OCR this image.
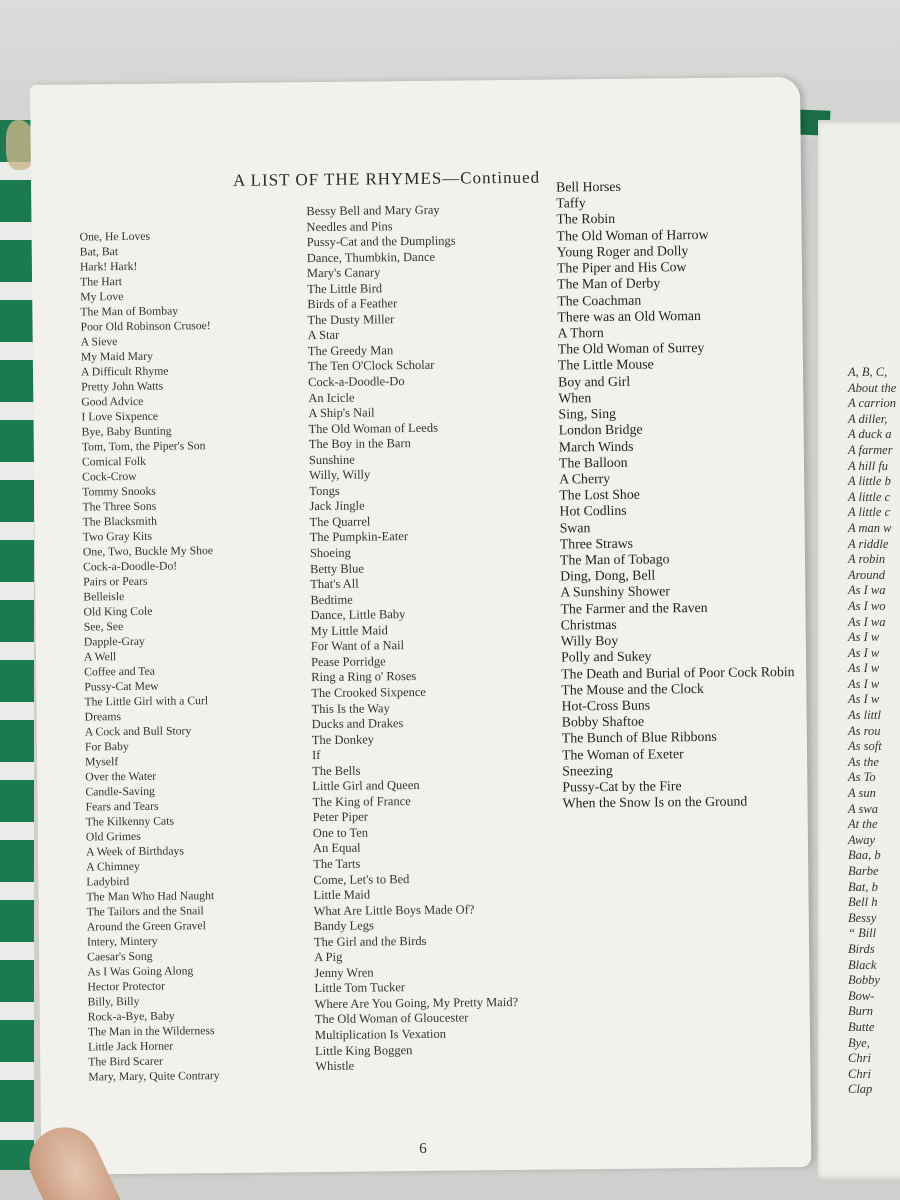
A, B, C,
About the
A carrion
A diller,
A duck a
A farmer
A hill fu
A little b
A little c
A little c
A man w
A riddle
A robin
Around
As I wa
As I wo
As I wa
As I w
As I w
As I w
As I w
As I w
As littl
As rou
As soft
As the
As To
A sun
A swa
At the
Away
Baa, b
Barbe
Bat, b
Bell h
Bessy
“ Bill
Birds
Black
Bobby
Bow-
Burn
Butte
Bye,
Chri
Chri
Clap
A LIST OF THE RHYMES—Continued
One, He Loves
Bat, Bat
Hark! Hark!
The Hart
My Love
The Man of Bombay
Poor Old Robinson Crusoe!
A Sieve
My Maid Mary
A Difficult Rhyme
Pretty John Watts
Good Advice
I Love Sixpence
Bye, Baby Bunting
Tom, Tom, the Piper's Son
Comical Folk
Cock-Crow
Tommy Snooks
The Three Sons
The Blacksmith
Two Gray Kits
One, Two, Buckle My Shoe
Cock-a-Doodle-Do!
Pairs or Pears
Belleisle
Old King Cole
See, See
Dapple-Gray
A Well
Coffee and Tea
Pussy-Cat Mew
The Little Girl with a Curl
Dreams
A Cock and Bull Story
For Baby
Myself
Over the Water
Candle-Saving
Fears and Tears
The Kilkenny Cats
Old Grimes
A Week of Birthdays
A Chimney
Ladybird
The Man Who Had Naught
The Tailors and the Snail
Around the Green Gravel
Intery, Mintery
Caesar's Song
As I Was Going Along
Hector Protector
Billy, Billy
Rock-a-Bye, Baby
The Man in the Wilderness
Little Jack Horner
The Bird Scarer
Mary, Mary, Quite Contrary
Bessy Bell and Mary Gray
Needles and Pins
Pussy-Cat and the Dumplings
Dance, Thumbkin, Dance
Mary's Canary
The Little Bird
Birds of a Feather
The Dusty Miller
A Star
The Greedy Man
The Ten O'Clock Scholar
Cock-a-Doodle-Do
An Icicle
A Ship's Nail
The Old Woman of Leeds
The Boy in the Barn
Sunshine
Willy, Willy
Tongs
Jack Jingle
The Quarrel
The Pumpkin-Eater
Shoeing
Betty Blue
That's All
Bedtime
Dance, Little Baby
My Little Maid
For Want of a Nail
Pease Porridge
Ring a Ring o' Roses
The Crooked Sixpence
This Is the Way
Ducks and Drakes
The Donkey
If
The Bells
Little Girl and Queen
The King of France
Peter Piper
One to Ten
An Equal
The Tarts
Come, Let's to Bed
Little Maid
What Are Little Boys Made Of?
Bandy Legs
The Girl and the Birds
A Pig
Jenny Wren
Little Tom Tucker
Where Are You Going, My Pretty Maid?
The Old Woman of Gloucester
Multiplication Is Vexation
Little King Boggen
Whistle
Bell Horses
Taffy
The Robin
The Old Woman of Harrow
Young Roger and Dolly
The Piper and His Cow
The Man of Derby
The Coachman
There was an Old Woman
A Thorn
The Old Woman of Surrey
The Little Mouse
Boy and Girl
When
Sing, Sing
London Bridge
March Winds
The Balloon
A Cherry
The Lost Shoe
Hot Codlins
Swan
Three Straws
The Man of Tobago
Ding, Dong, Bell
A Sunshiny Shower
The Farmer and the Raven
Christmas
Willy Boy
Polly and Sukey
The Death and Burial of Poor Cock Robin
The Mouse and the Clock
Hot-Cross Buns
Bobby Shaftoe
The Bunch of Blue Ribbons
The Woman of Exeter
Sneezing
Pussy-Cat by the Fire
When the Snow Is on the Ground
6
